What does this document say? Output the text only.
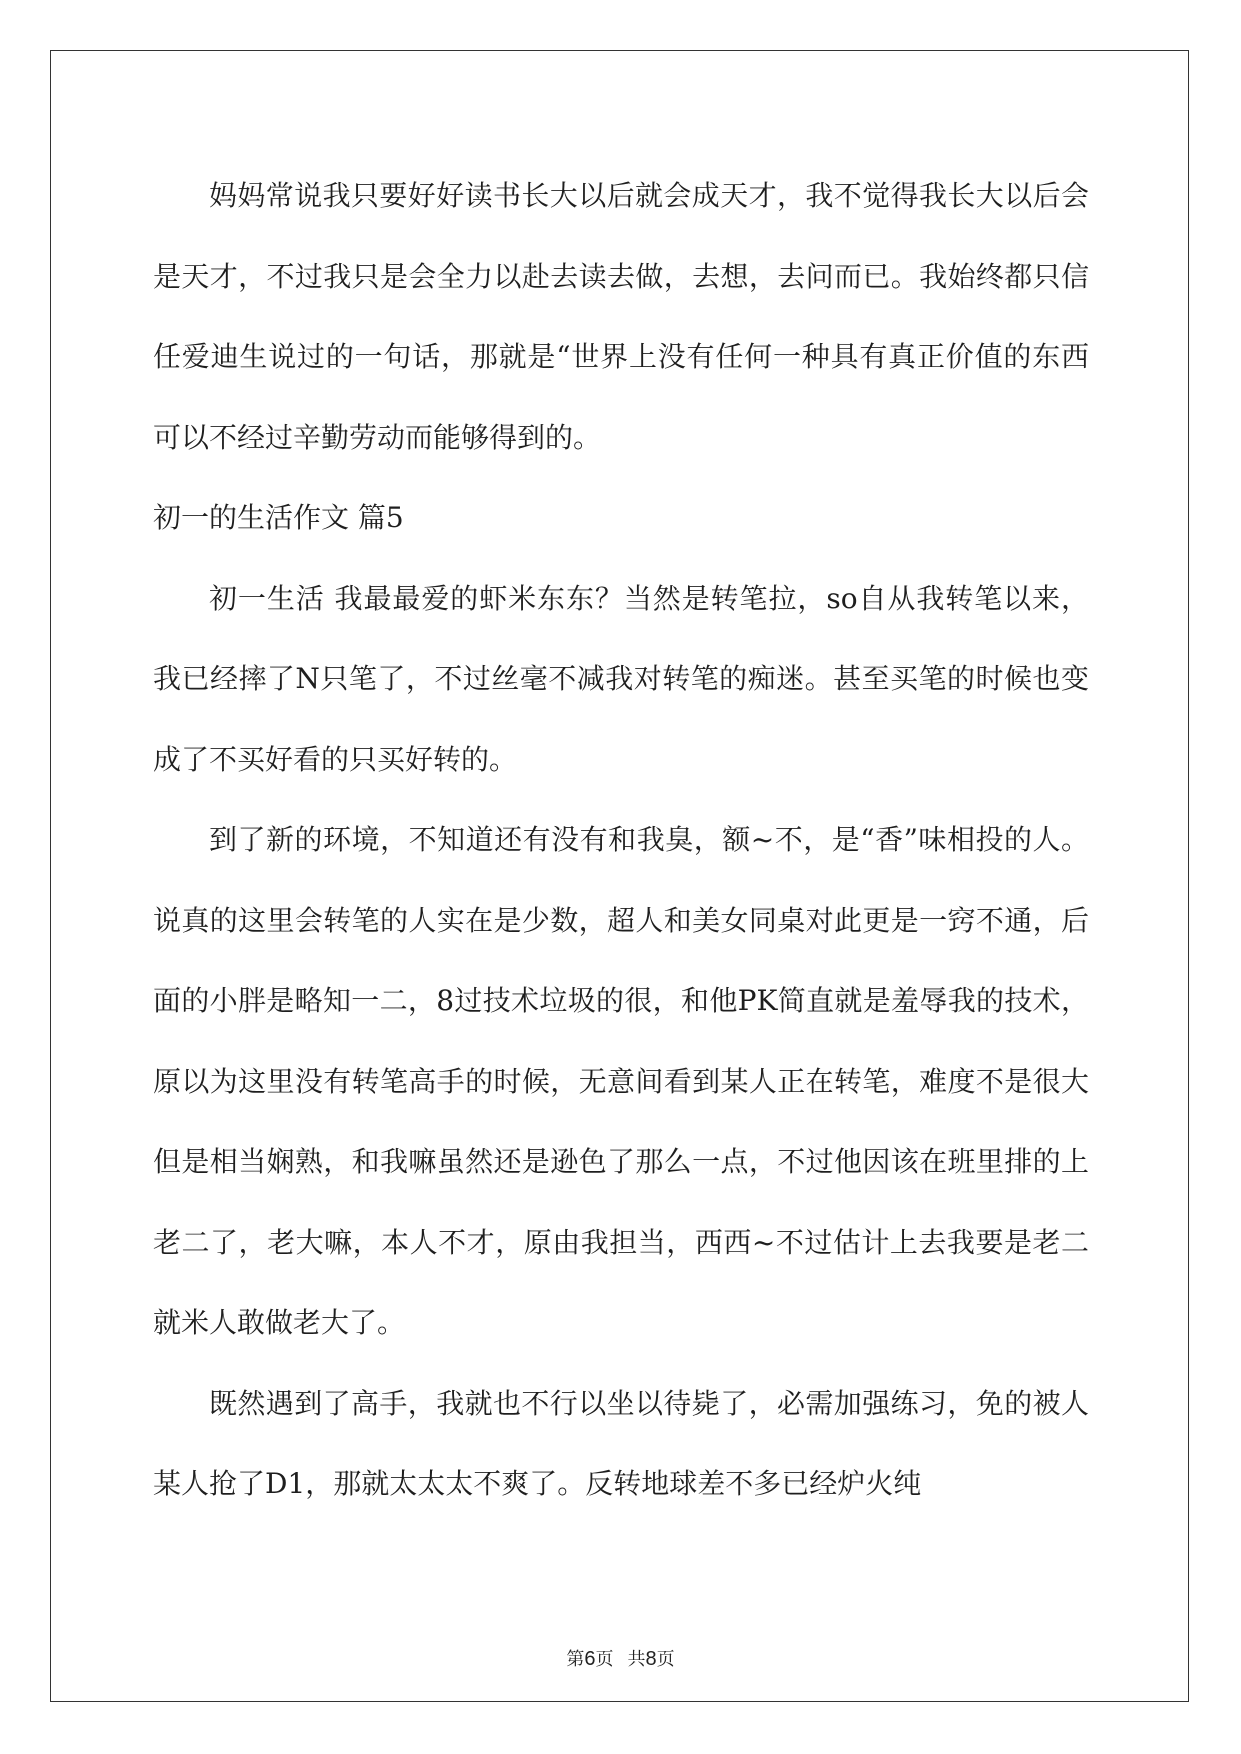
妈妈常说我只要好好读书长大以后就会成天才，我不觉得我长大以后会是天才，不过我只是会全力以赴去读去做，去想，去问而已。我始终都只信任爱迪生说过的一句话，那就是“世界上没有任何一种具有真正价值的东西可以不经过辛勤劳动而能够得到的。

初一的生活作文 篇5

初一生活 我最最爱的虾米东东？当然是转笔拉，so自从我转笔以来，我已经摔了N只笔了，不过丝毫不减我对转笔的痴迷。甚至买笔的时候也变成了不买好看的只买好转的。

到了新的环境，不知道还有没有和我臭，额~不，是“香”味相投的人。说真的这里会转笔的人实在是少数，超人和美女同桌对此更是一窍不通，后面的小胖是略知一二，8过技术垃圾的很，和他PK简直就是羞辱我的技术，原以为这里没有转笔高手的时候，无意间看到某人正在转笔，难度不是很大但是相当娴熟，和我嘛虽然还是逊色了那么一点，不过他因该在班里排的上老二了，老大嘛，本人不才，原由我担当，西西~不过估计上去我要是老二就米人敢做老大了。

既然遇到了高手，我就也不行以坐以待毙了，必需加强练习，免的被人某人抢了D1，那就太太太不爽了。反转地球差不多已经炉火纯

第6页 共8页
